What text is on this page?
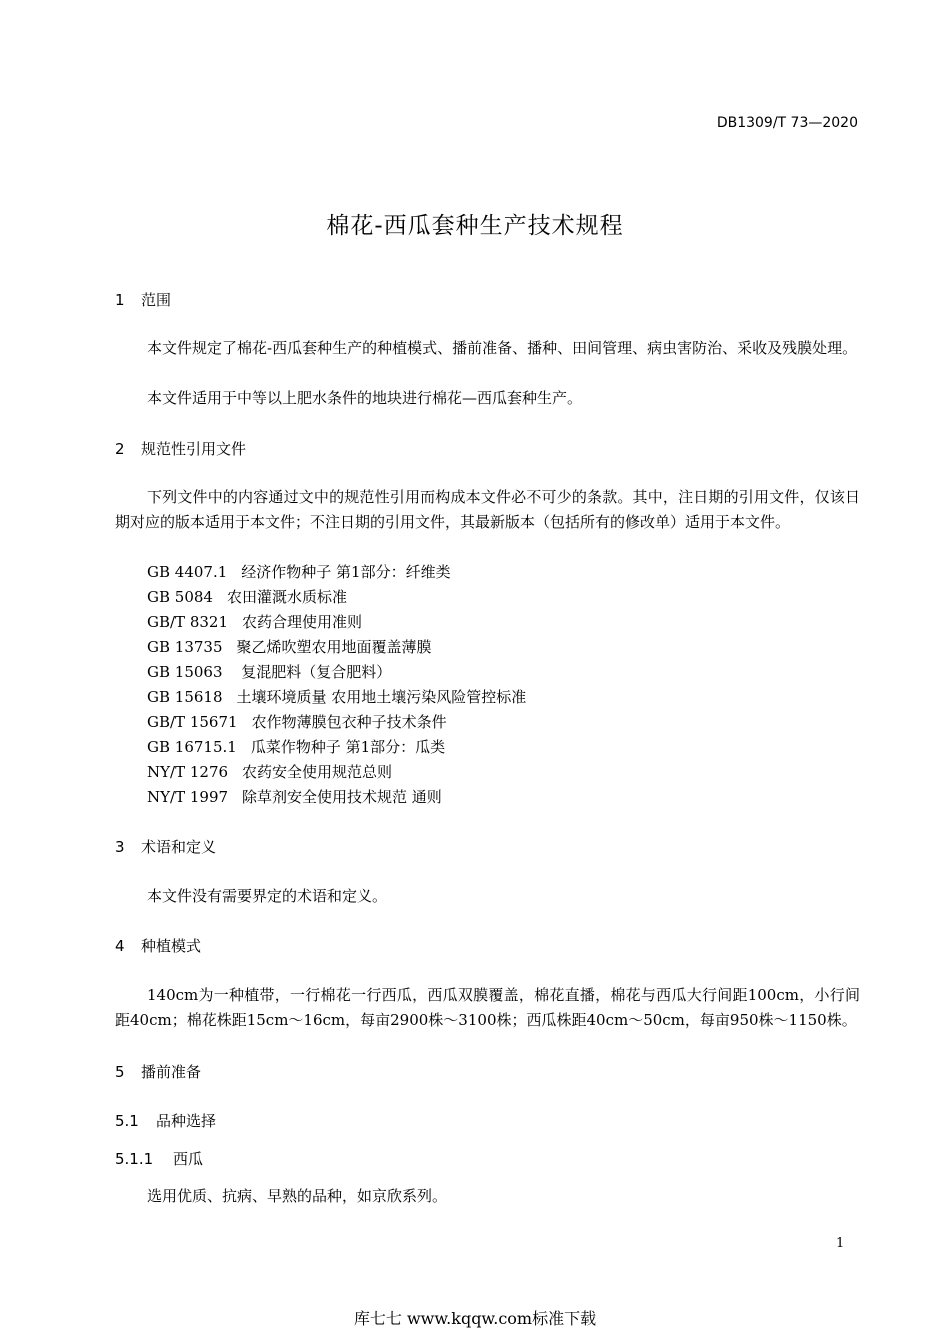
DB1309/T 73—2020
棉花-西瓜套种生产技术规程
1 范围
本文件规定了棉花-西瓜套种生产的种植模式、播前准备、播种、田间管理、病虫害防治、采收及残膜处理。
本文件适用于中等以上肥水条件的地块进行棉花—西瓜套种生产。
2 规范性引用文件
下列文件中的内容通过文中的规范性引用而构成本文件必不可少的条款。其中，注日期的引用文件，仅该日期对应的版本适用于本文件；不注日期的引用文件，其最新版本（包括所有的修改单）适用于本文件。
GB 4407.1 经济作物种子 第1部分：纤维类
GB 5084 农田灌溉水质标准
GB/T 8321 农药合理使用准则
GB 13735 聚乙烯吹塑农用地面覆盖薄膜
GB 15063 复混肥料（复合肥料）
GB 15618 土壤环境质量 农用地土壤污染风险管控标准
GB/T 15671 农作物薄膜包衣种子技术条件
GB 16715.1 瓜菜作物种子 第1部分：瓜类
NY/T 1276 农药安全使用规范总则
NY/T 1997 除草剂安全使用技术规范 通则
3 术语和定义
本文件没有需要界定的术语和定义。
4 种植模式
140cm为一种植带，一行棉花一行西瓜，西瓜双膜覆盖，棉花直播，棉花与西瓜大行间距100cm，小行间距40cm；棉花株距15cm～16cm，每亩2900株～3100株；西瓜株距40cm～50cm，每亩950株～1150株。
5 播前准备
5.1 品种选择
5.1.1 西瓜
选用优质、抗病、早熟的品种，如京欣系列。
1
库七七 www.kqqw.com标准下载
